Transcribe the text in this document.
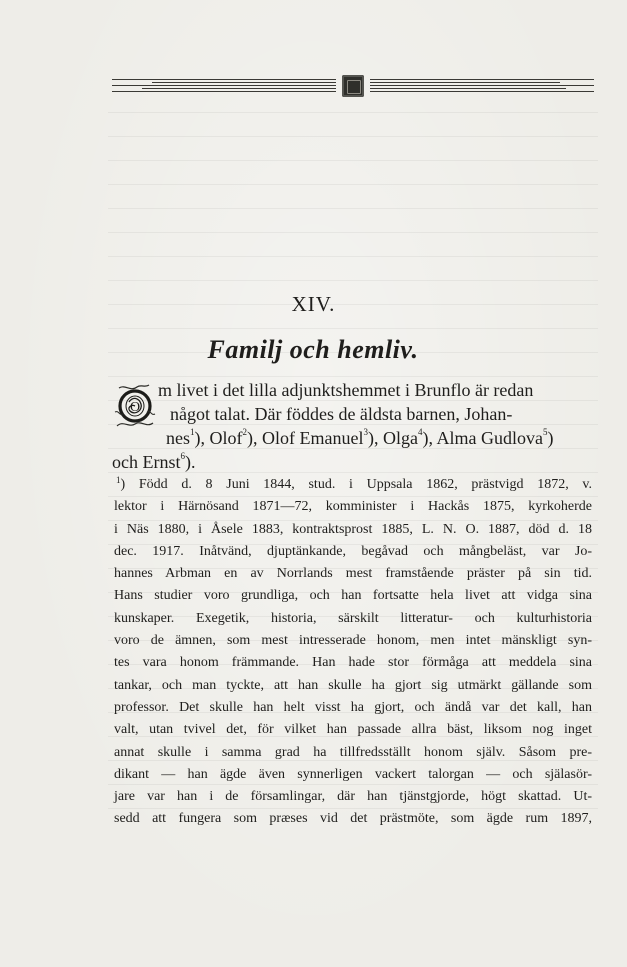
XIV.
Familj och hemliv.
O
m livet i det lilla adjunktshemmet i Brunflo är redan
något talat. Där föddes de äldsta barnen, Johan-
nes$^1$), Olof$^2$), Olof Emanuel$^3$), Olga$^4$), Alma Gudlova$^5$)
och Ernst$^6$).
$^1$) Född d. 8 Juni 1844, stud. i Uppsala 1862, prästvigd 1872, v.
lektor i Härnösand 1871—72, komminister i Hackås 1875, kyrkoherde
i Näs 1880, i Åsele 1883, kontraktsprost 1885, L. N. O. 1887, död d. 18
dec. 1917. Inåtvänd, djuptänkande, begåvad och mångbeläst, var Jo-
hannes Arbman en av Norrlands mest framstående präster på sin tid.
Hans studier voro grundliga, och han fortsatte hela livet att vidga sina
kunskaper. Exegetik, historia, särskilt litteratur- och kulturhistoria
voro de ämnen, som mest intresserade honom, men intet mänskligt syn-
tes vara honom främmande. Han hade stor förmåga att meddela sina
tankar, och man tyckte, att han skulle ha gjort sig utmärkt gällande som
professor. Det skulle han helt visst ha gjort, och ändå var det kall, han
valt, utan tvivel det, för vilket han passade allra bäst, liksom nog inget
annat skulle i samma grad ha tillfredsställt honom själv. Såsom pre-
dikant — han ägde även synnerligen vackert talorgan — och själasör-
jare var han i de församlingar, där han tjänstgjorde, högt skattad. Ut-
sedd att fungera som præses vid det prästmöte, som ägde rum 1897,
